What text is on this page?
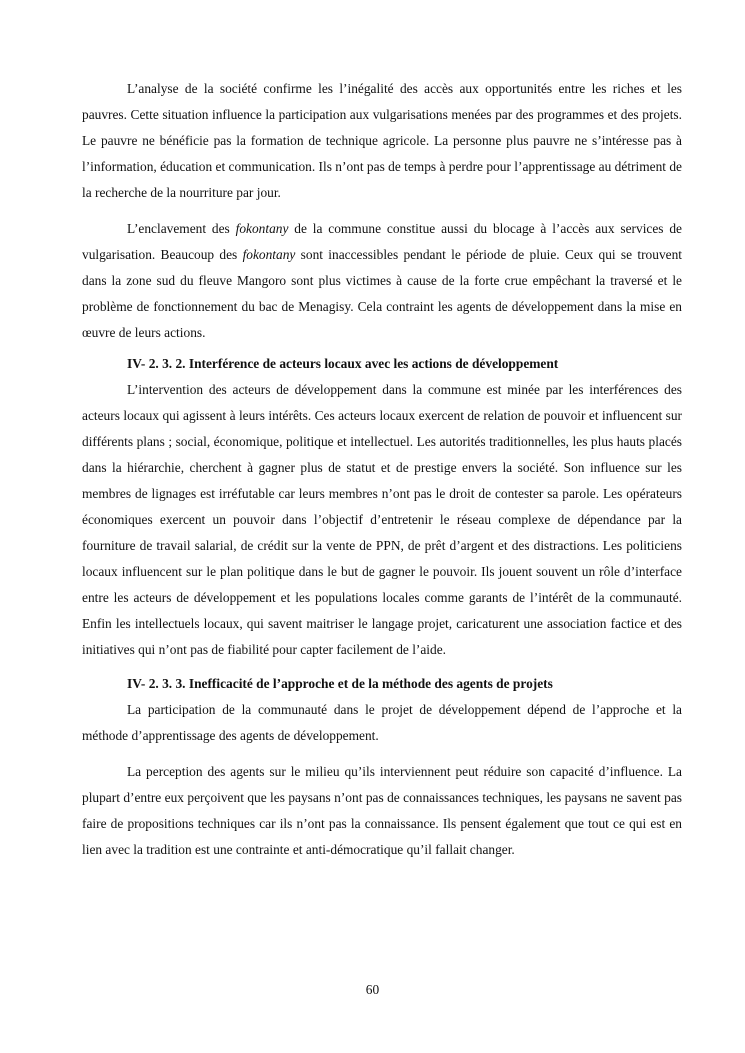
L’analyse de la société confirme les l’inégalité des accès aux opportunités entre les riches et les pauvres. Cette situation influence la participation aux vulgarisations menées par des programmes et des projets. Le pauvre ne bénéficie pas la formation de technique agricole. La personne plus pauvre ne s’intéresse pas à l’information, éducation et communication. Ils n’ont pas de temps à perdre pour l’apprentissage au détriment de la recherche de la nourriture par jour.

L’enclavement des fokontany de la commune constitue aussi du blocage à l’accès aux services de vulgarisation. Beaucoup des fokontany sont inaccessibles pendant le période de pluie. Ceux qui se trouvent dans la zone sud du fleuve Mangoro sont plus victimes à cause de la forte crue empêchant la traversé et le problème de fonctionnement du bac de Menagisy. Cela contraint les agents de développement dans la mise en œuvre de leurs actions.

IV- 2. 3. 2. Interférence de acteurs locaux avec les actions de développement

L’intervention des acteurs de développement dans la commune est minée par les interférences des acteurs locaux qui agissent à leurs intérêts. Ces acteurs locaux exercent de relation de pouvoir et influencent sur différents plans ; social, économique, politique et intellectuel. Les autorités traditionnelles, les plus hauts placés dans la hiérarchie, cherchent à gagner plus de statut et de prestige envers la société. Son influence sur les membres de lignages est irréfutable car leurs membres n’ont pas le droit de contester sa parole. Les opérateurs économiques exercent un pouvoir dans l’objectif d’entretenir le réseau complexe de dépendance par la fourniture de travail salarial, de crédit sur la vente de PPN, de prêt d’argent et des distractions. Les politiciens locaux influencent sur le plan politique dans le but de gagner le pouvoir. Ils jouent souvent un rôle d’interface entre les acteurs de développement et les populations locales comme garants de l’intérêt de la communauté. Enfin les intellectuels locaux, qui savent maitriser le langage projet, caricaturent une association factice et des initiatives qui n’ont pas de fiabilité pour capter facilement de l’aide.

IV- 2. 3. 3. Inefficacité de l’approche et de la méthode des agents de projets

La participation de la communauté dans le projet de développement dépend de l’approche et la méthode d’apprentissage des agents de développement.

La perception des agents sur le milieu qu’ils interviennent peut réduire son capacité d’influence. La plupart d’entre eux perçoivent que les paysans n’ont pas de connaissances techniques, les paysans ne savent pas faire de propositions techniques car ils n’ont pas la connaissance. Ils pensent également que tout ce qui est en lien avec la tradition est une contrainte et anti-démocratique qu’il fallait changer.

60
